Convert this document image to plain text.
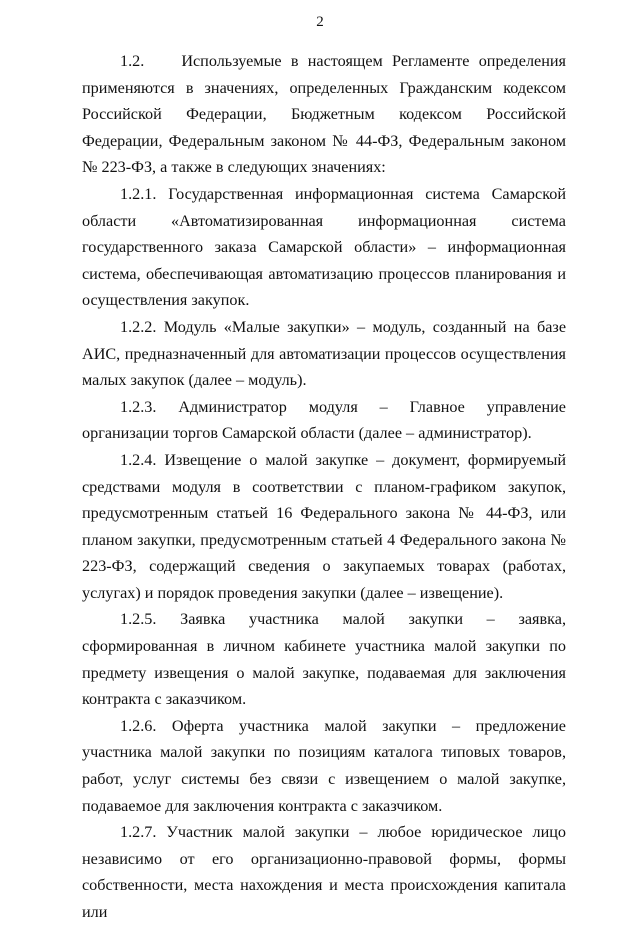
2

1.2.    Используемые в настоящем Регламенте определения применяются в значениях, определенных Гражданским кодексом Российской Федерации, Бюджетным кодексом Российской Федерации, Федеральным законом № 44-ФЗ, Федеральным законом № 223-ФЗ, а также в следующих значениях:

1.2.1. Государственная информационная система Самарской области «Автоматизированная информационная система государственного заказа Самарской области» – информационная система, обеспечивающая автоматизацию процессов планирования и осуществления закупок.

1.2.2. Модуль «Малые закупки» – модуль, созданный на базе АИС, предназначенный для автоматизации процессов осуществления малых закупок (далее – модуль).

1.2.3. Администратор модуля – Главное управление организации торгов Самарской области (далее – администратор).

1.2.4. Извещение о малой закупке – документ, формируемый средствами модуля в соответствии с планом-графиком закупок, предусмотренным статьей 16 Федерального закона № 44-ФЗ, или планом закупки, предусмотренным статьей 4 Федерального закона № 223-ФЗ, содержащий сведения о закупаемых товарах (работах, услугах) и порядок проведения закупки (далее – извещение).

1.2.5. Заявка участника малой закупки – заявка, сформированная в личном кабинете участника малой закупки по предмету извещения о малой закупке, подаваемая для заключения контракта с заказчиком.

1.2.6. Оферта участника малой закупки – предложение участника малой закупки по позициям каталога типовых товаров, работ, услуг системы без связи с извещением о малой закупке, подаваемое для заключения контракта с заказчиком.

1.2.7. Участник малой закупки – любое юридическое лицо независимо от его организационно-правовой формы, формы собственности, места нахождения и места происхождения капитала или
